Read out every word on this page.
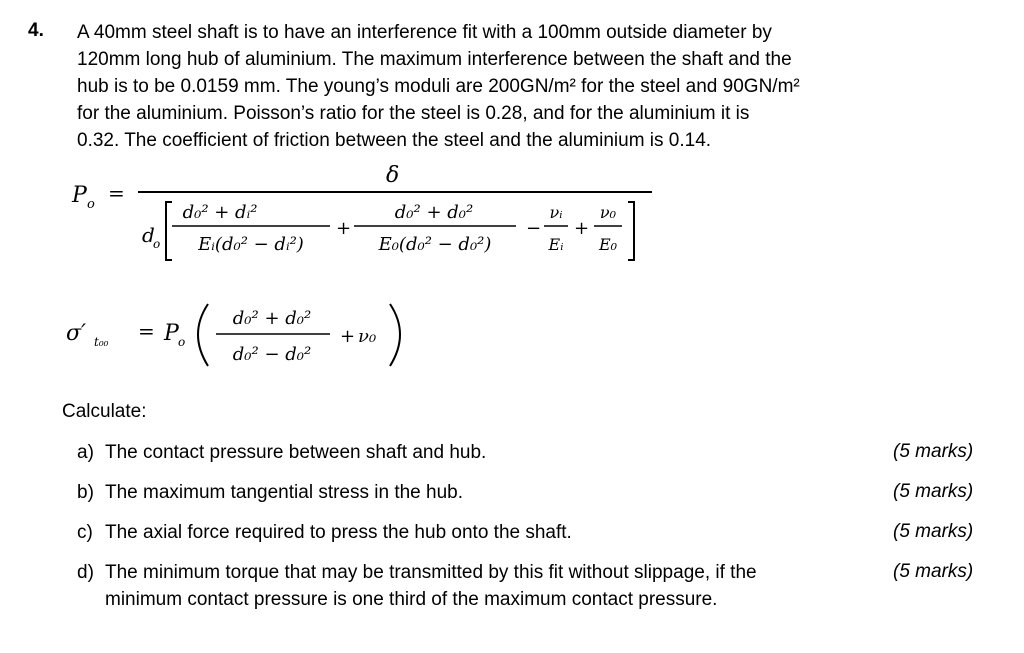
4. A 40mm steel shaft is to have an interference fit with a 100mm outside diameter by
120mm long hub of aluminium. The maximum interference between the shaft and the
hub is to be 0.0159 mm. The young’s moduli are 200GN/m² for the steel and 90GN/m²
for the aluminium. Poisson’s ratio for the steel is 0.28, and for the aluminium it is
0.32. The coefficient of friction between the steel and the aluminium is 0.14.
P o =
δ
d
o
d₀² + dᵢ²
Eᵢ(d₀² − dᵢ²)
+
d₀² + d₀²
E₀(d₀² − d₀²)
−
νᵢ
Eᵢ
+
ν₀
E₀
σ′ t₀₀ = P o
d₀² + d₀²
d₀² − d₀²
+ ν₀
Calculate:
a) The contact pressure between shaft and hub.	(5 marks)
b) The maximum tangential stress in the hub.	(5 marks)
c) The axial force required to press the hub onto the shaft.	(5 marks)
d) The minimum torque that may be transmitted by this fit without slippage, if the
minimum contact pressure is one third of the maximum contact pressure.
(5 marks)
